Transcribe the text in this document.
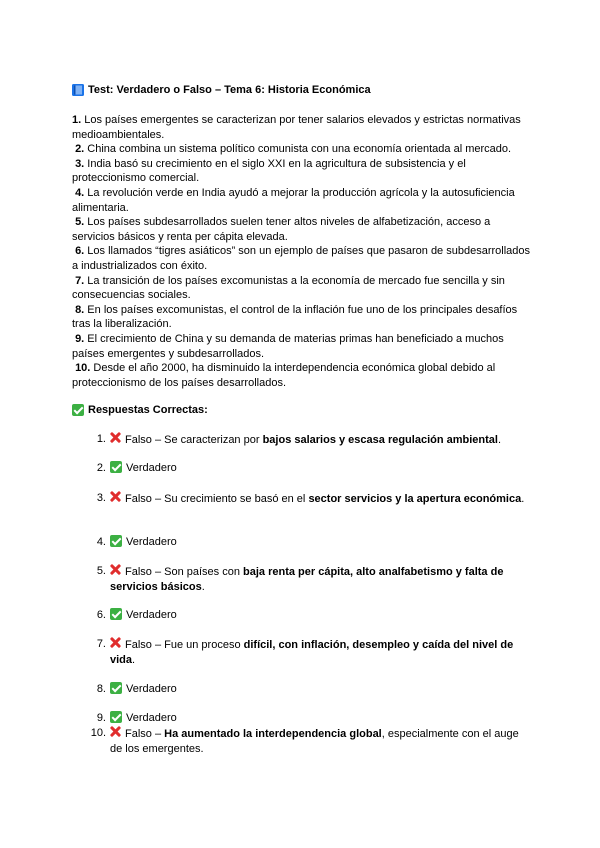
Test: Verdadero o Falso – Tema 6: Historia Económica

1. Los países emergentes se caracterizan por tener salarios elevados y estrictas normativas medioambientales.

2. China combina un sistema político comunista con una economía orientada al mercado.

3. India basó su crecimiento en el siglo XXI en la agricultura de subsistencia y el proteccionismo comercial.

4. La revolución verde en India ayudó a mejorar la producción agrícola y la autosuficiencia alimentaria.

5. Los países subdesarrollados suelen tener altos niveles de alfabetización, acceso a servicios básicos y renta per cápita elevada.

6. Los llamados “tigres asiáticos” son un ejemplo de países que pasaron de subdesarrollados a industrializados con éxito.

7. La transición de los países excomunistas a la economía de mercado fue sencilla y sin consecuencias sociales.

8. En los países excomunistas, el control de la inflación fue uno de los principales desafíos tras la liberalización.

9. El crecimiento de China y su demanda de materias primas han beneficiado a muchos países emergentes y subdesarrollados.

10. Desde el año 2000, ha disminuido la interdependencia económica global debido al proteccionismo de los países desarrollados.

Respuestas Correctas:
1.	Falso – Se caracterizan por bajos salarios y escasa regulación ambiental.
2.	Verdadero
3.	Falso – Su crecimiento se basó en el sector servicios y la apertura económica.
4.	Verdadero
5.	Falso – Son países con baja renta per cápita, alto analfabetismo y falta de servicios básicos.
6.	Verdadero
7.	Falso – Fue un proceso difícil, con inflación, desempleo y caída del nivel de vida.
8.	Verdadero
9.	Verdadero
10.	Falso – Ha aumentado la interdependencia global, especialmente con el auge de los emergentes.
